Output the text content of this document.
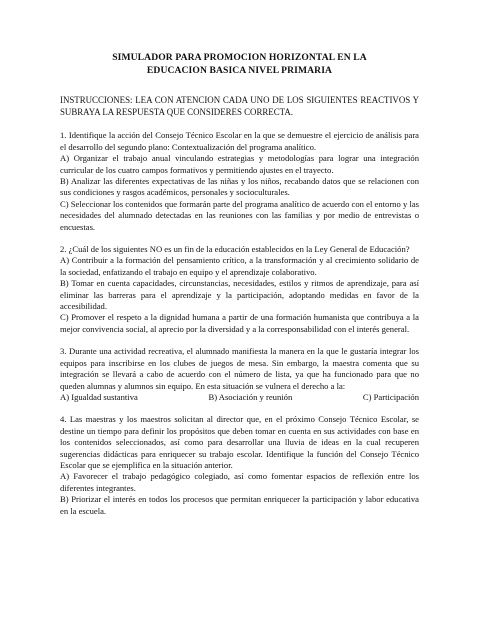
SIMULADOR PARA PROMOCION HORIZONTAL EN LA
EDUCACION BASICA NIVEL PRIMARIA

INSTRUCCIONES: LEA CON ATENCION CADA UNO DE LOS SIGUIENTES REACTIVOS Y SUBRAYA LA RESPUESTA QUE CONSIDERES CORRECTA.

1. Identifique la acción del Consejo Técnico Escolar en la que se demuestre el ejercicio de análisis para el desarrollo del segundo plano: Contextualización del programa analítico.

A) Organizar el trabajo anual vinculando estrategias y metodologías para lograr una integración curricular de los cuatro campos formativos y permitiendo ajustes en el trayecto.

B) Analizar las diferentes expectativas de las niñas y los niños, recabando datos que se relacionen con sus condiciones y rasgos académicos, personales y socioculturales.

C) Seleccionar los contenidos que formarán parte del programa analítico de acuerdo con el entorno y las necesidades del alumnado detectadas en las reuniones con las familias y por medio de entrevistas o encuestas.

2. ¿Cuál de los siguientes NO es un fin de la educación establecidos en la Ley General de Educación?

A) Contribuir a la formación del pensamiento crítico, a la transformación y al crecimiento solidario de la sociedad, enfatizando el trabajo en equipo y el aprendizaje colaborativo.

B) Tomar en cuenta capacidades, circunstancias, necesidades, estilos y ritmos de aprendizaje, para así eliminar las barreras para el aprendizaje y la participación, adoptando medidas en favor de la accesibilidad.

C) Promover el respeto a la dignidad humana a partir de una formación humanista que contribuya a la mejor convivencia social, al aprecio por la diversidad y a la corresponsabilidad con el interés general.

3. Durante una actividad recreativa, el alumnado manifiesta la manera en la que le gustaría integrar los equipos para inscribirse en los clubes de juegos de mesa. Sin embargo, la maestra comenta que su integración se llevará a cabo de acuerdo con el número de lista, ya que ha funcionado para que no queden alumnas y alumnos sin equipo. En esta situación se vulnera el derecho a la:

A) Igualdad sustantiva	B) Asociación y reunión	C) Participación

4. Las maestras y los maestros solicitan al director que, en el próximo Consejo Técnico Escolar, se destine un tiempo para definir los propósitos que deben tomar en cuenta en sus actividades con base en los contenidos seleccionados, así como para desarrollar una lluvia de ideas en la cual recuperen sugerencias didácticas para enriquecer su trabajo escolar. Identifique la función del Consejo Técnico Escolar que se ejemplifica en la situación anterior.

A) Favorecer el trabajo pedagógico colegiado, así como fomentar espacios de reflexión entre los diferentes integrantes.

B) Priorizar el interés en todos los procesos que permitan enriquecer la participación y labor educativa en la escuela.
